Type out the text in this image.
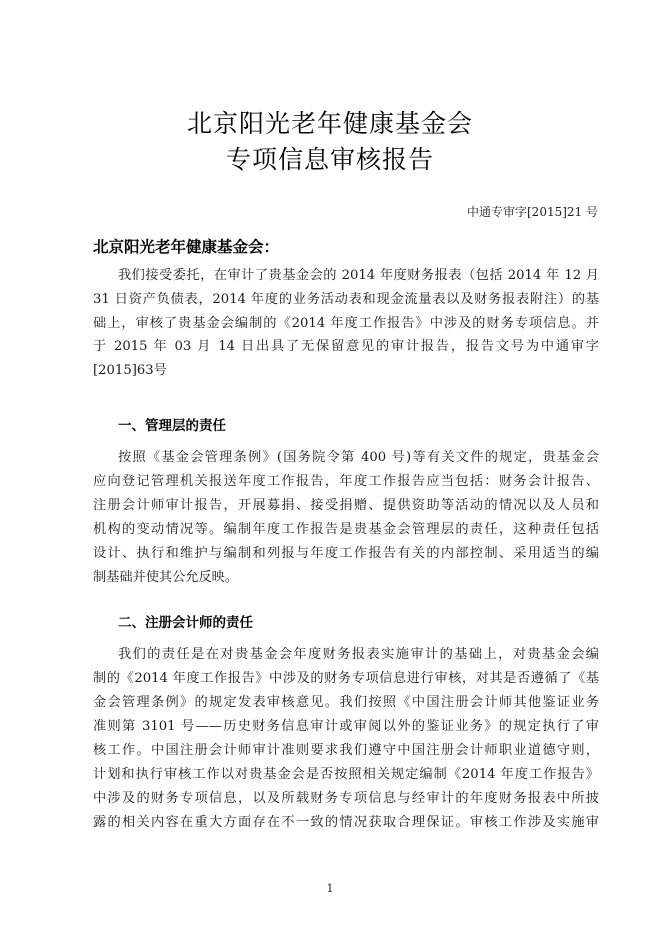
北京阳光老年健康基金会
专项信息审核报告
中通专审字[2015]21 号
北京阳光老年健康基金会：
我们接受委托，在审计了贵基金会的 2014 年度财务报表（包括 2014 年 12 月
31 日资产负债表，2014 年度的业务活动表和现金流量表以及财务报表附注）的基
础上，审核了贵基金会编制的《2014 年度工作报告》中涉及的财务专项信息。并
于 2015 年 03 月 14 日出具了无保留意见的审计报告，报告文号为中通审字
[2015]63号
一、管理层的责任
按照《基金会管理条例》(国务院令第 400 号)等有关文件的规定，贵基金会
应向登记管理机关报送年度工作报告，年度工作报告应当包括：财务会计报告、
注册会计师审计报告，开展募捐、接受捐赠、提供资助等活动的情况以及人员和
机构的变动情况等。编制年度工作报告是贵基金会管理层的责任，这种责任包括
设计、执行和维护与编制和列报与年度工作报告有关的内部控制、采用适当的编
制基础并使其公允反映。
二、注册会计师的责任
我们的责任是在对贵基金会年度财务报表实施审计的基础上，对贵基金会编
制的《2014 年度工作报告》中涉及的财务专项信息进行审核，对其是否遵循了《基
金会管理条例》的规定发表审核意见。我们按照《中国注册会计师其他鉴证业务
准则第 3101 号——历史财务信息审计或审阅以外的鉴证业务》的规定执行了审
核工作。中国注册会计师审计准则要求我们遵守中国注册会计师职业道德守则，
计划和执行审核工作以对贵基金会是否按照相关规定编制《2014 年度工作报告》
中涉及的财务专项信息，以及所载财务专项信息与经审计的年度财务报表中所披
露的相关内容在重大方面存在不一致的情况获取合理保证。审核工作涉及实施审
1
